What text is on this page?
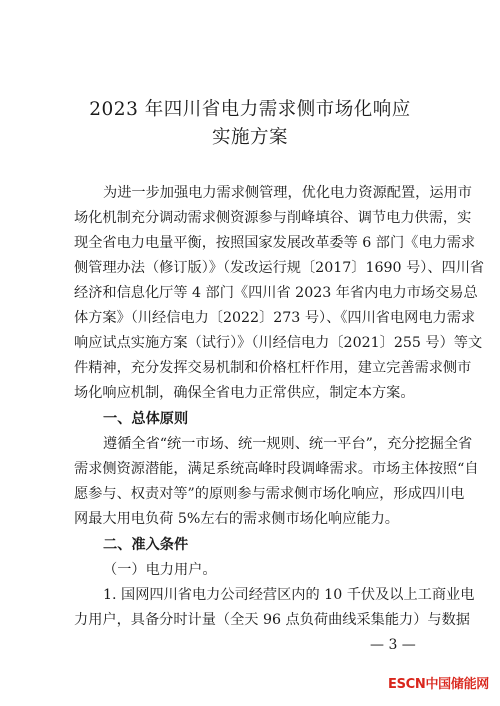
2023 年四川省电力需求侧市场化响应
实施方案
为进一步加强电力需求侧管理，优化电力资源配置，运用市
场化机制充分调动需求侧资源参与削峰填谷、调节电力供需，实
现全省电力电量平衡，按照国家发展改革委等 6 部门《电力需求
侧管理办法（修订版）》（发改运行规〔2017〕1690 号）、四川省
经济和信息化厅等 4 部门《四川省 2023 年省内电力市场交易总
体方案》（川经信电力〔2022〕273 号）、《四川省电网电力需求
响应试点实施方案（试行）》（川经信电力〔2021〕255 号）等文
件精神，充分发挥交易机制和价格杠杆作用，建立完善需求侧市
场化响应机制，确保全省电力正常供应，制定本方案。
一、总体原则
遵循全省“统一市场、统一规则、统一平台”，充分挖掘全省
需求侧资源潜能，满足系统高峰时段调峰需求。市场主体按照“自
愿参与、权责对等”的原则参与需求侧市场化响应，形成四川电
网最大用电负荷 5%左右的需求侧市场化响应能力。
二、准入条件
（一）电力用户。
1. 国网四川省电力公司经营区内的 10 千伏及以上工商业电
力用户，具备分时计量（全天 96 点负荷曲线采集能力）与数据
— 3 —
ESCN中国储能网
